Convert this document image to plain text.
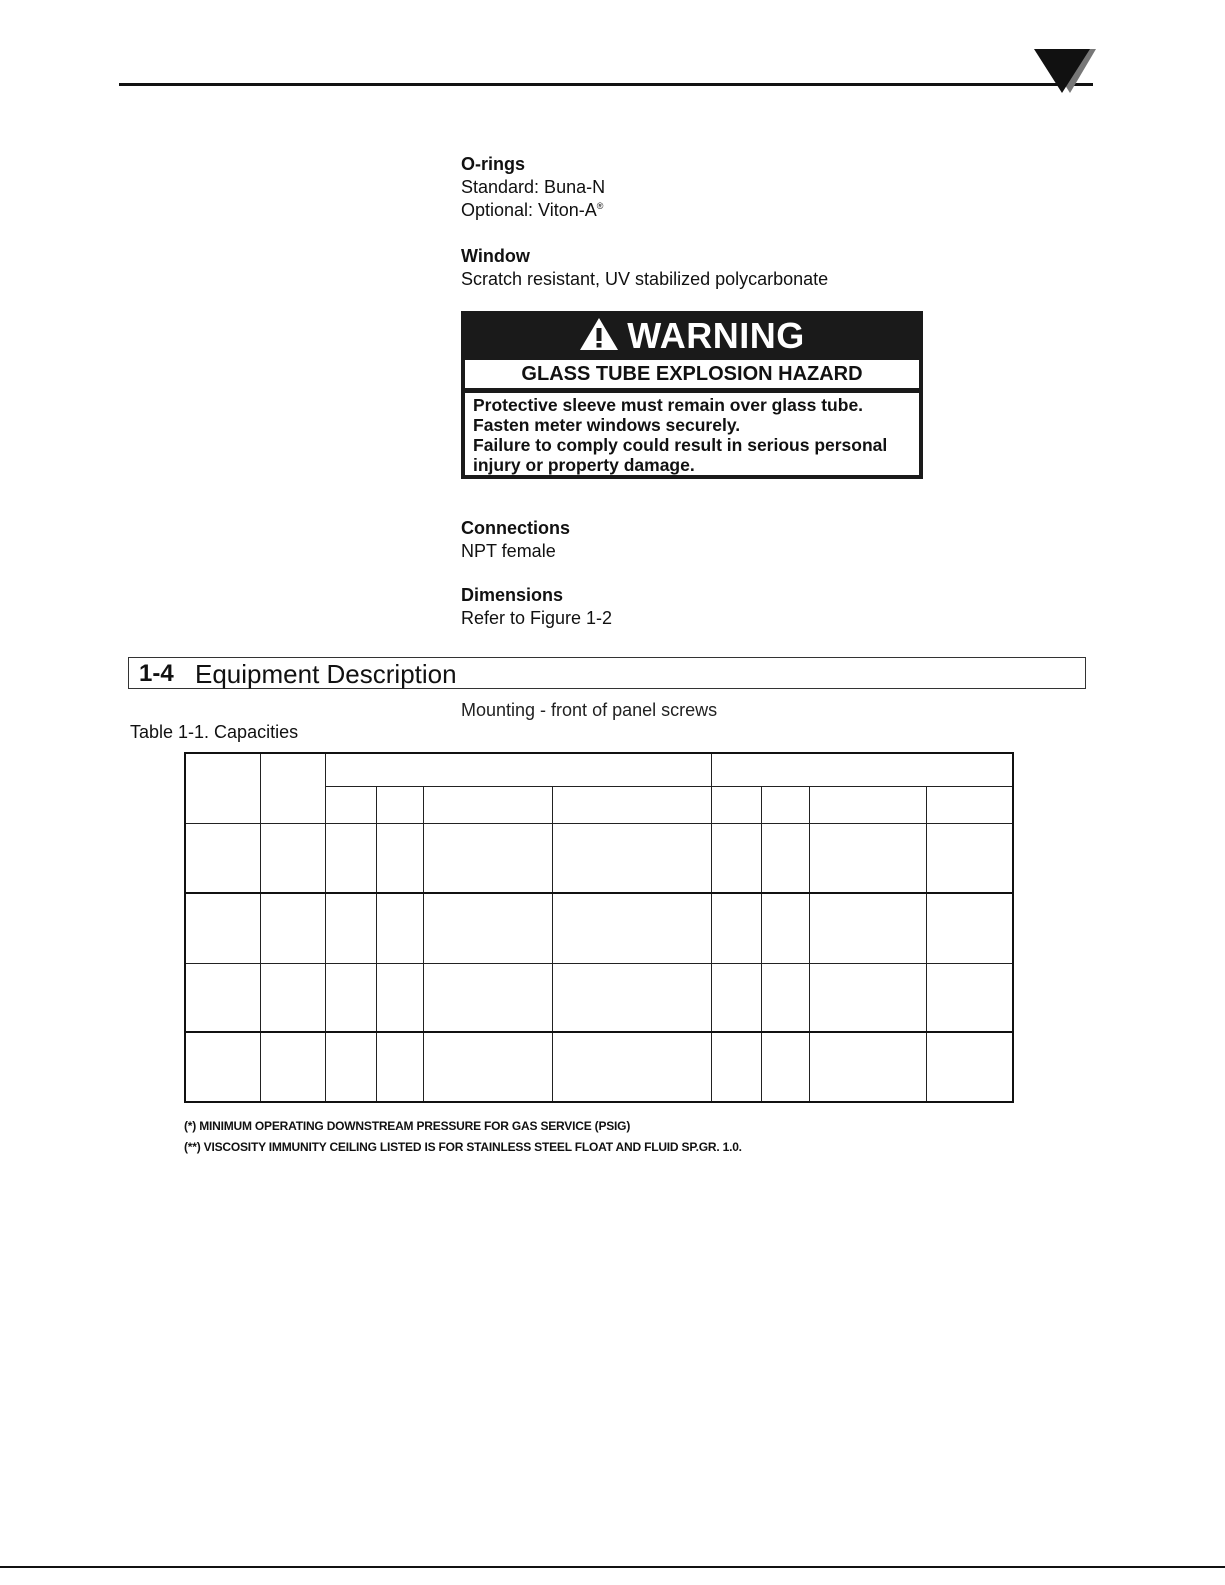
O-rings
Standard: Buna-N
Optional: Viton-A®
Window
Scratch resistant, UV stabilized polycarbonate
WARNING
GLASS TUBE EXPLOSION HAZARD
Protective sleeve must remain over glass tube.
Fasten meter windows securely.
Failure to comply could result in serious personal
injury or property damage.
Connections
NPT female
Dimensions
Refer to Figure 1-2
1-4 Equipment Description
Mounting - front of panel screws
Table 1-1. Capacities

(*) MINIMUM OPERATING DOWNSTREAM PRESSURE FOR GAS SERVICE (PSIG)
(**) VISCOSITY IMMUNITY CEILING LISTED IS FOR STAINLESS STEEL FLOAT AND FLUID SP.GR. 1.0.
